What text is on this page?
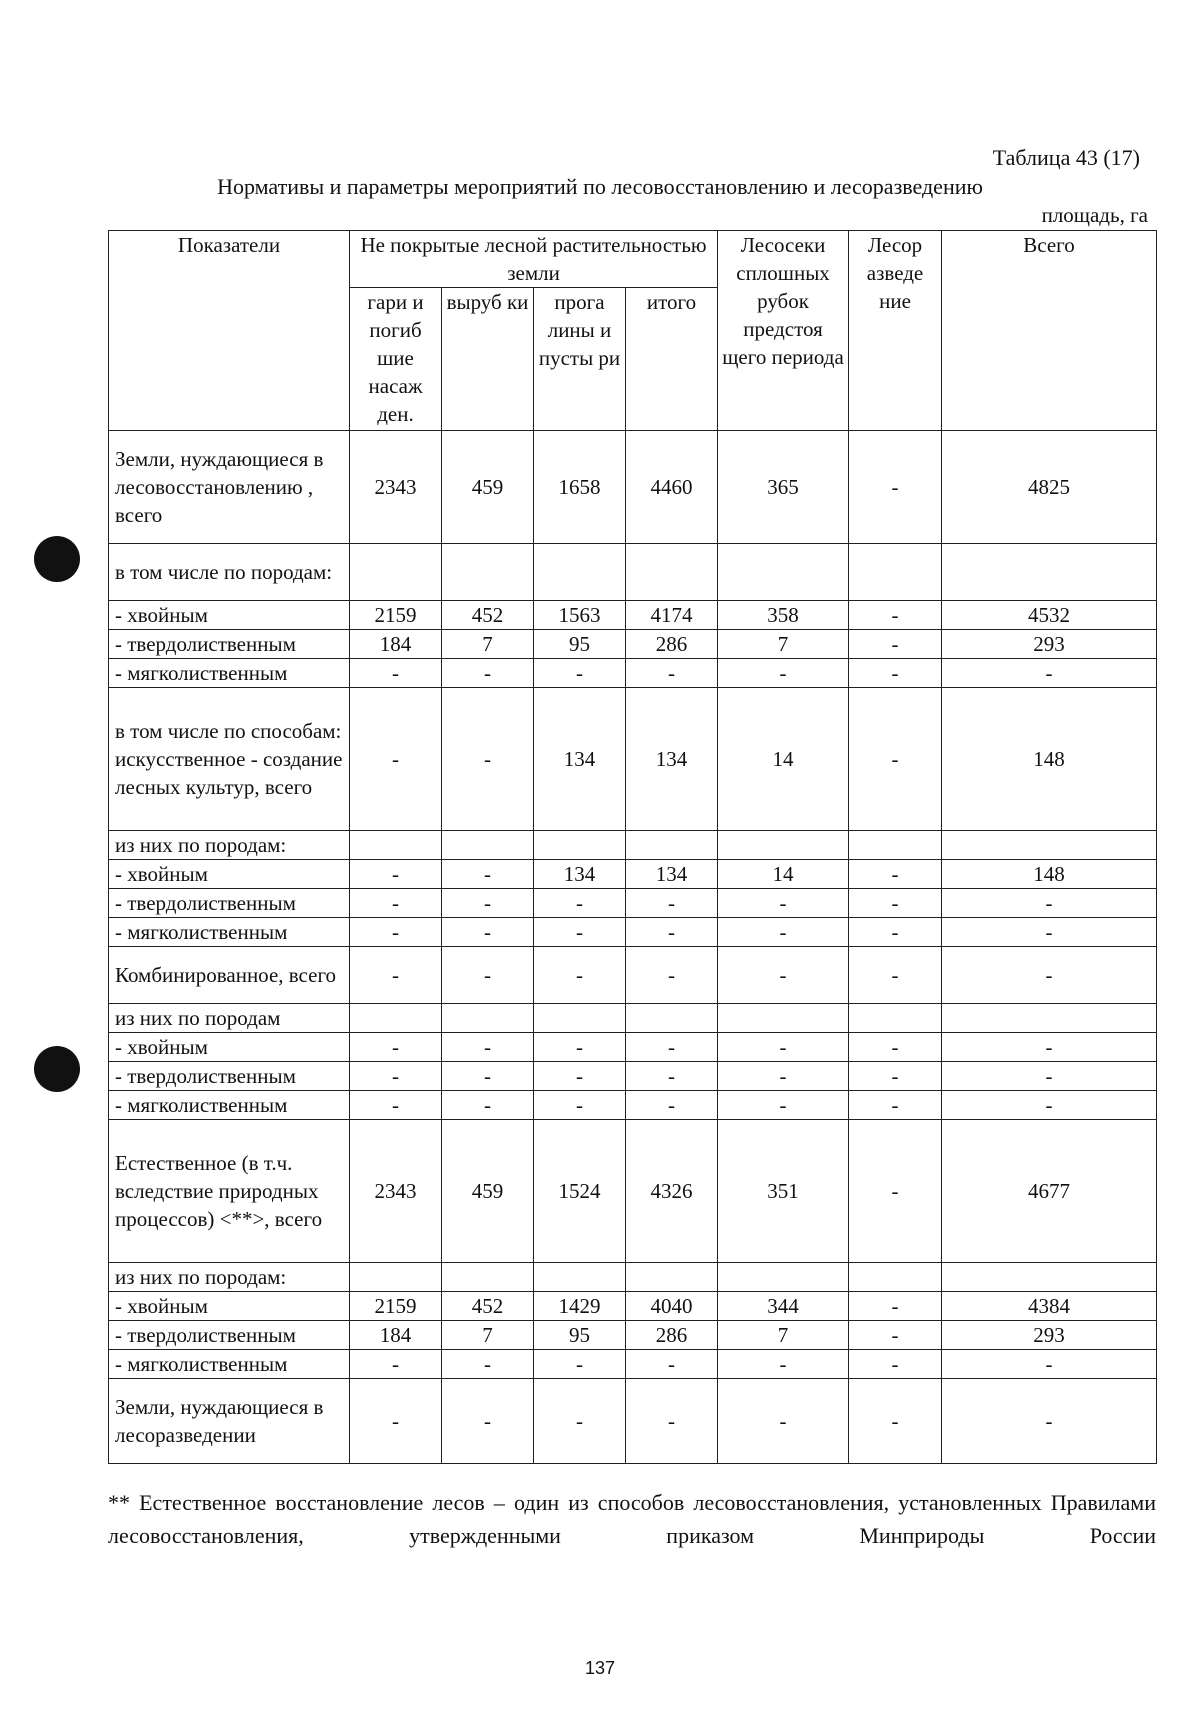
Таблица 43 (17)
Нормативы и параметры мероприятий по лесовосстановлению и лесоразведению
площадь, га
Показатели	Не покрытые лесной растительностью земли				Лесосеки сплошных рубок предстоя щего периода	Лесор азведе ние	Всего
	гари и погиб шие насаж ден.	выруб ки	прога лины и пусты ри	итого			
Земли, нуждающиеся в лесовосстановлению , всего	2343	459	1658	4460	365	-	4825
в том числе по породам:							
- хвойным	2159	452	1563	4174	358	-	4532
- твердолиственным	184	7	95	286	7	-	293
- мягколиственным	-	-	-	-	-	-	-
в том числе по способам: искусственное - создание лесных культур, всего	-	-	134	134	14	-	148
из них по породам:							
- хвойным	-	-	134	134	14	-	148
- твердолиственным	-	-	-	-	-	-	-
- мягколиственным	-	-	-	-	-	-	-
Комбинированное, всего	-	-	-	-	-	-	-
из них по породам							
- хвойным	-	-	-	-	-	-	-
- твердолиственным	-	-	-	-	-	-	-
- мягколиственным	-	-	-	-	-	-	-
Естественное (в т.ч. вследствие природных процессов) <**>, всего	2343	459	1524	4326	351	-	4677
из них по породам:							
- хвойным	2159	452	1429	4040	344	-	4384
- твердолиственным	184	7	95	286	7	-	293
- мягколиственным	-	-	-	-	-	-	-
Земли, нуждающиеся в лесоразведении	-	-	-	-	-	-	-
** Естественное восстановление лесов – один из способов лесовосстановления, установленных Правилами лесовосстановления, утвержденными приказом Минприроды России
137
